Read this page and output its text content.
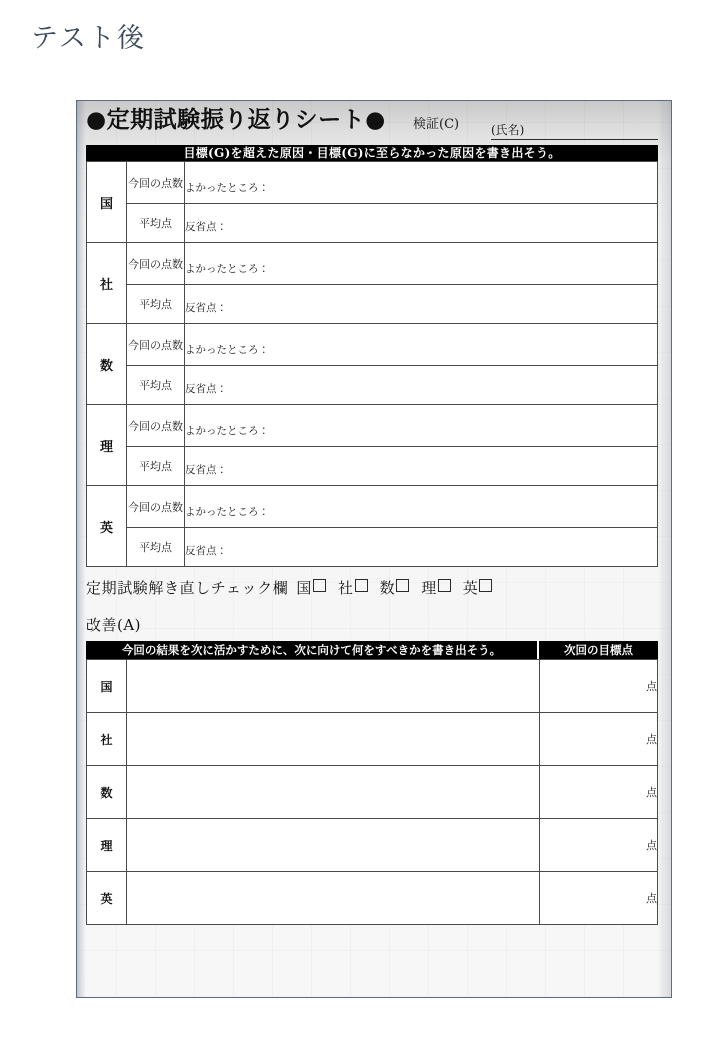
テスト後
●定期試験振り返りシート● 検証(C)	(氏名)
目標(G)を超えた原因・目標(G)に至らなかった原因を書き出そう。
国	今回の点数	よかったところ：
	平均点	反省点：
社	今回の点数	よかったところ：
	平均点	反省点：
数	今回の点数	よかったところ：
	平均点	反省点：
理	今回の点数	よかったところ：
	平均点	反省点：
英	今回の点数	よかったところ：
	平均点	反省点：
定期試験解き直しチェック欄 国 社 数 理 英
改善(A)
今回の結果を次に活かすために、次に向けて何をすべきかを書き出そう。	次回の目標点
国		点
社		点
数		点
理		点
英		点
